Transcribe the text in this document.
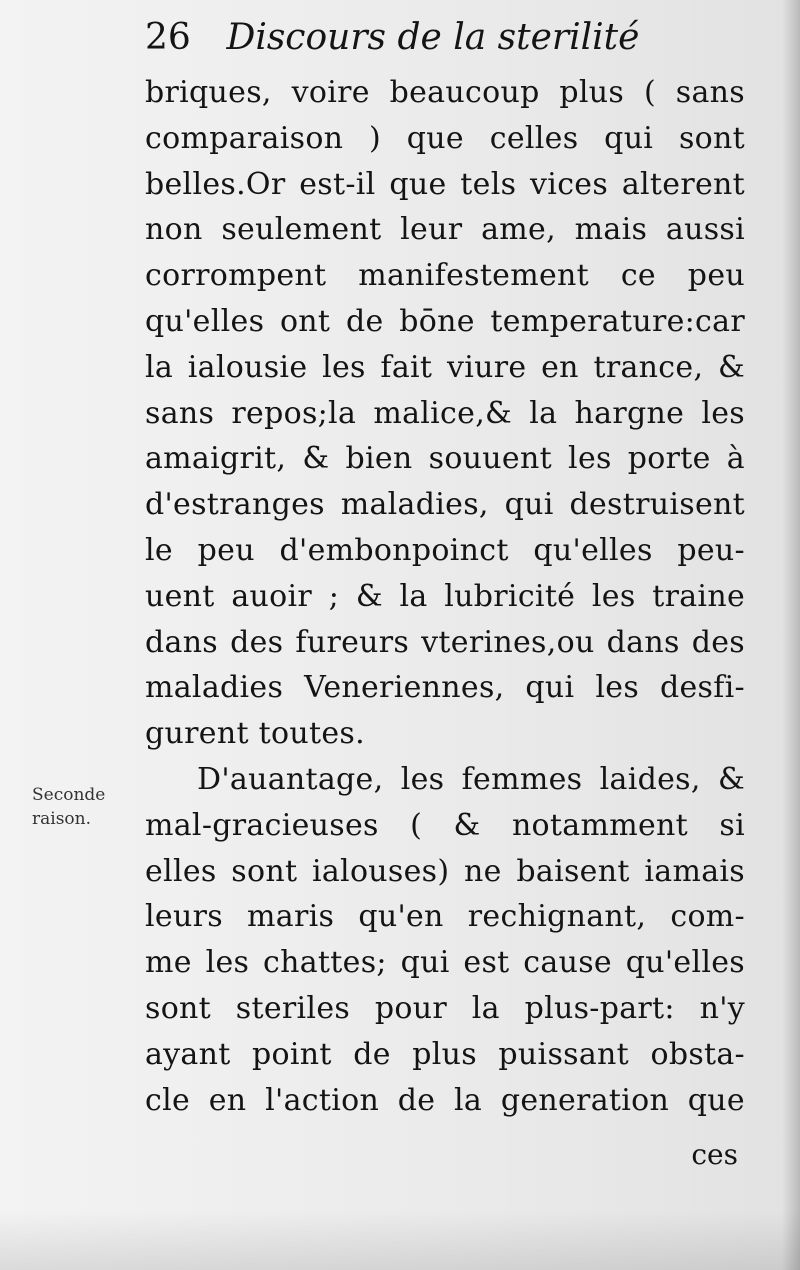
26 Discours de la sterilité
Seconde
raison.
briques, voire beaucoup plus ( sans
comparaison ) que celles qui sont
belles.Or est-il que tels vices alterent
non seulement leur ame, mais aussi
corrompent manifestement ce peu
qu'elles ont de bōne temperature:car
la ialousie les fait viure en trance, &
sans repos;la malice,& la hargne les
amaigrit, & bien souuent les porte à
d'estranges maladies, qui destruisent
le peu d'embonpoinct qu'elles peu-
uent auoir ; & la lubricité les traine
dans des fureurs vterines,ou dans des
maladies Veneriennes, qui les desfi-
gurent toutes.
D'auantage, les femmes laides, &
mal-gracieuses ( & notamment si
elles sont ialouses) ne baisent iamais
leurs maris qu'en rechignant, com-
me les chattes; qui est cause qu'elles
sont steriles pour la plus-part: n'y
ayant point de plus puissant obsta-
cle en l'action de la generation que
ces
